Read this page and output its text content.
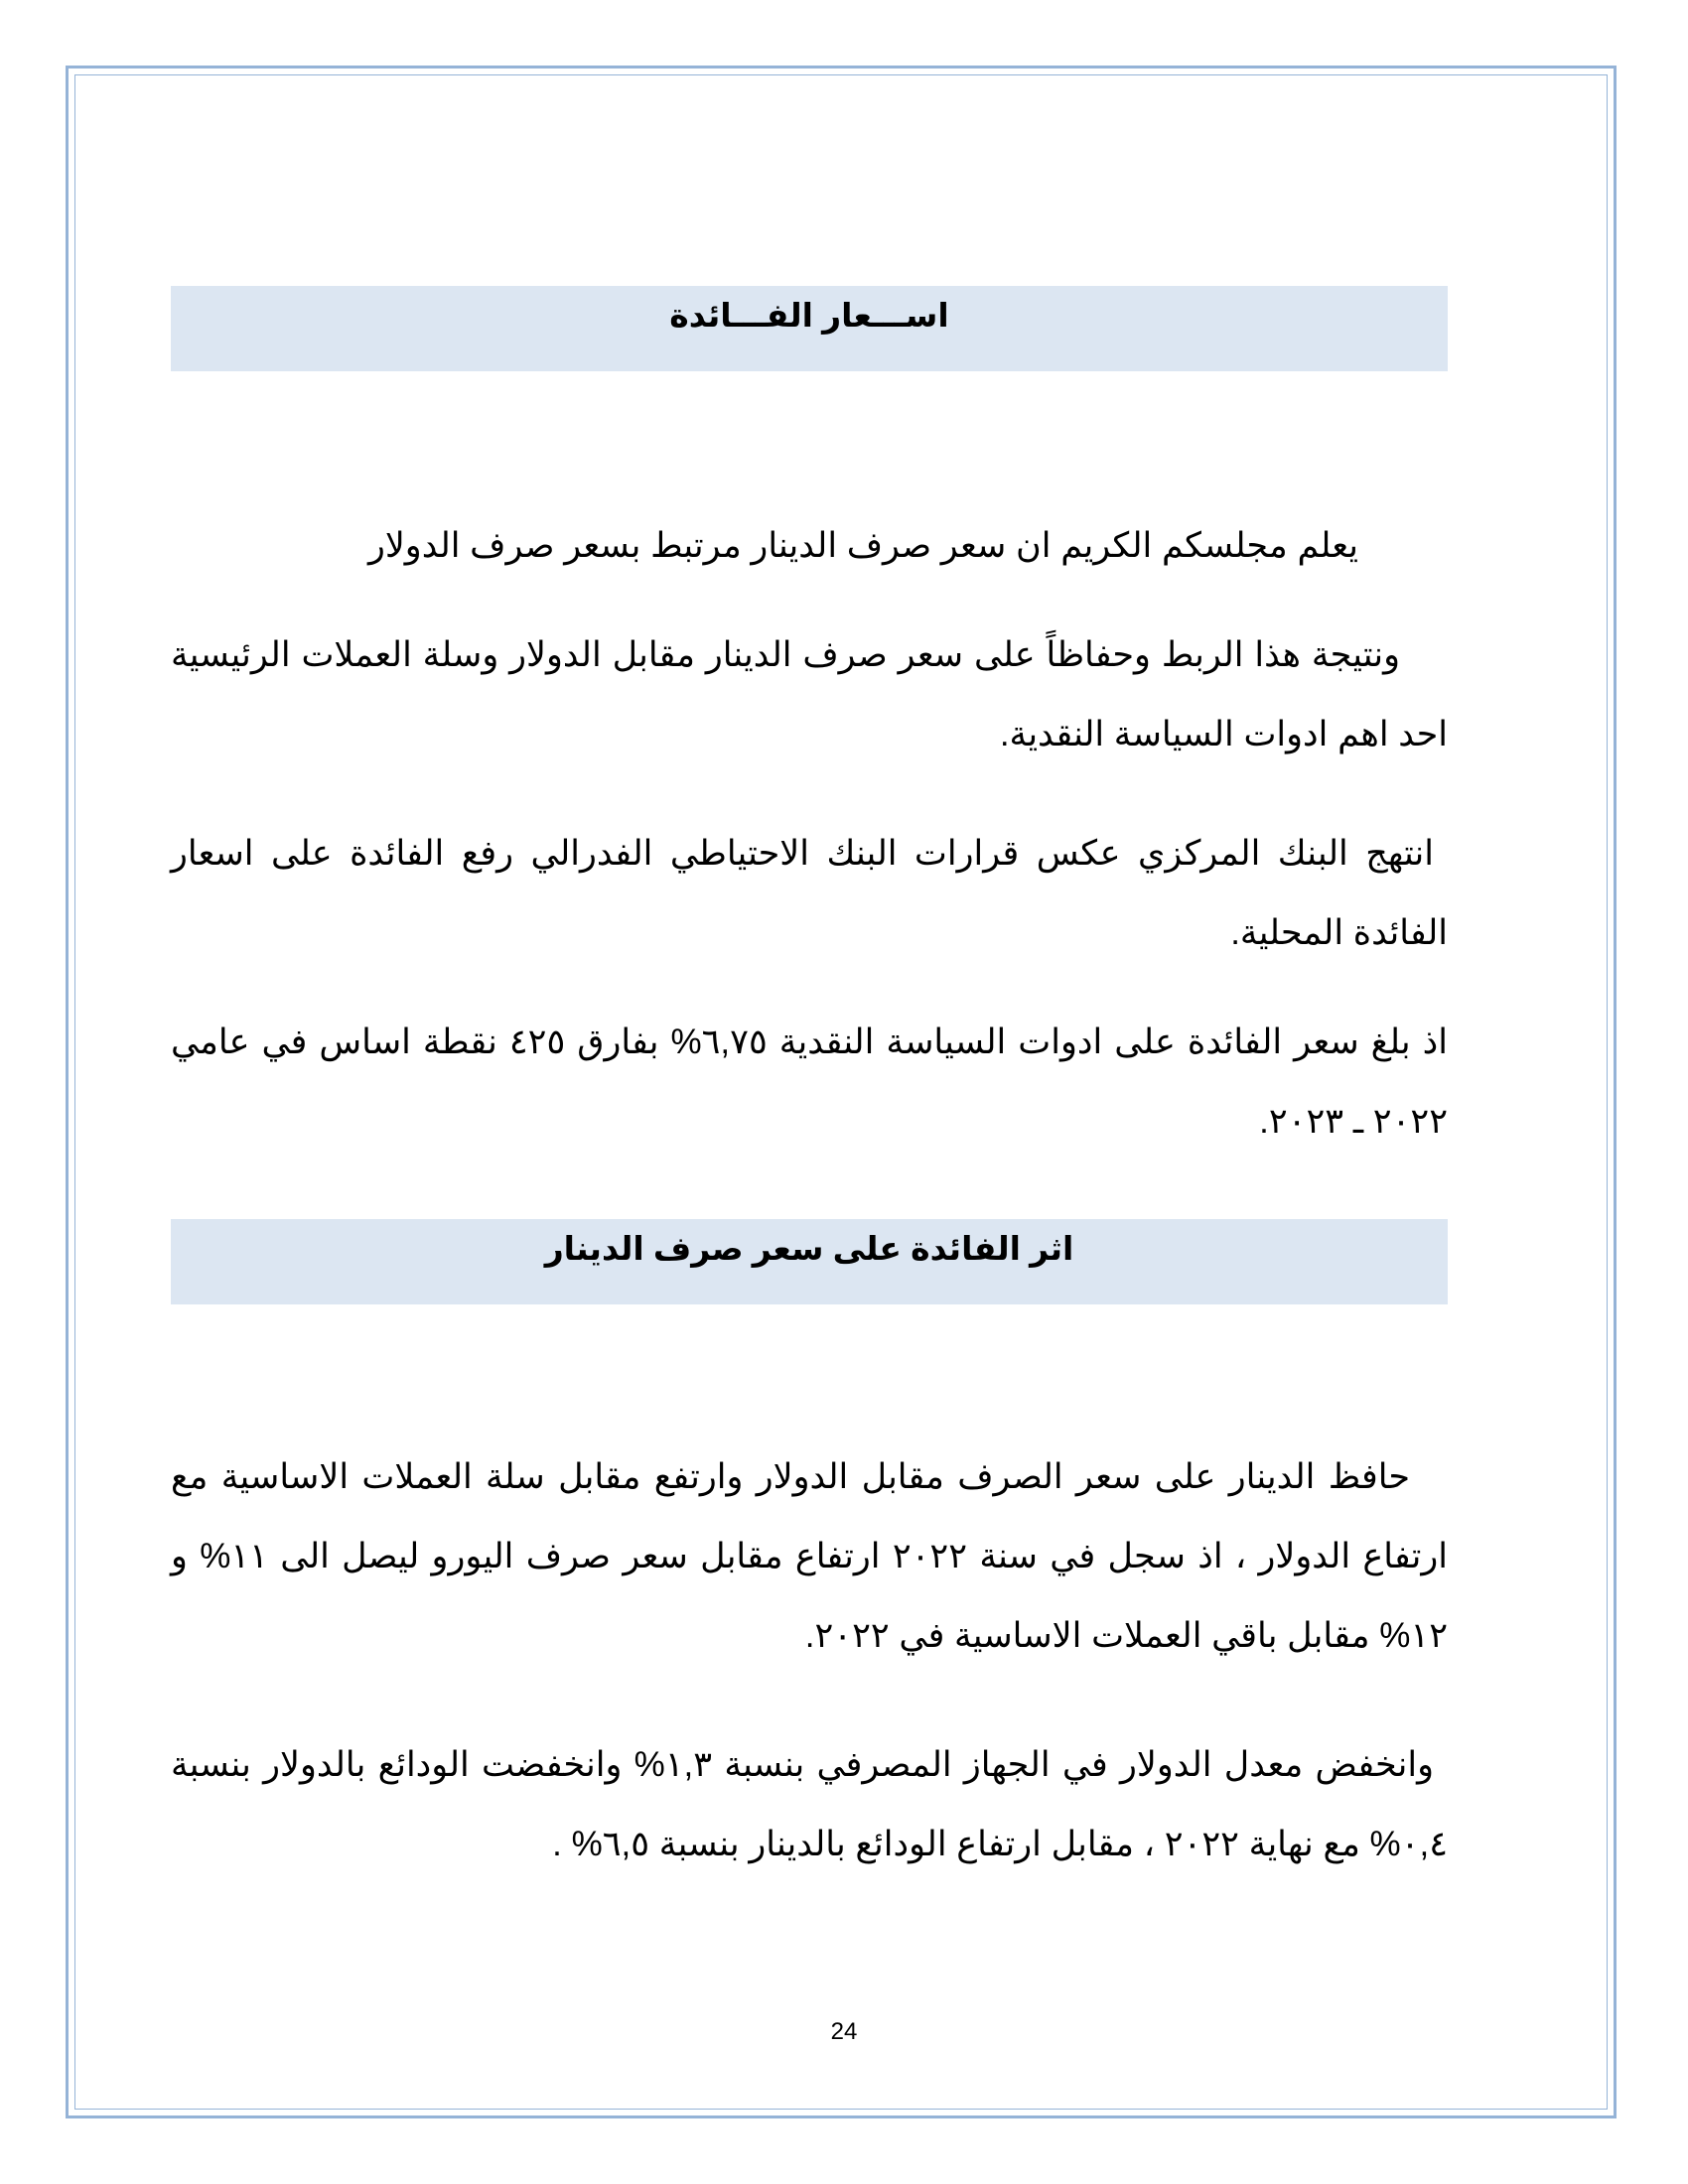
اســـعار الفـــائدة

يعلم مجلسكم الكريم ان سعر صرف الدينار مرتبط بسعر صرف الدولار

ونتيجة هذا الربط وحفاظاً على سعر صرف الدينار مقابل الدولار وسلة العملات الرئيسية احد اهم ادوات السياسة النقدية.

انتهج البنك المركزي عكس قرارات البنك الاحتياطي الفدرالي رفع الفائدة على اسعار الفائدة المحلية.

اذ بلغ سعر الفائدة على ادوات السياسة النقدية ٦,٧٥% بفارق ٤٢٥ نقطة اساس في عامي ٢٠٢٢ ـ ٢٠٢٣.

اثر الفائدة على سعر صرف الدينار

حافظ الدينار على سعر الصرف مقابل الدولار وارتفع مقابل سلة العملات الاساسية مع ارتفاع الدولار ، اذ سجل في سنة ٢٠٢٢ ارتفاع مقابل سعر صرف اليورو ليصل الى ١١% و ١٢% مقابل باقي العملات الاساسية في ٢٠٢٢.

وانخفض معدل الدولار في الجهاز المصرفي بنسبة ١,٣% وانخفضت الودائع بالدولار بنسبة ٠,٤% مع نهاية ٢٠٢٢ ، مقابل ارتفاع الودائع بالدينار بنسبة ٦,٥% .

24
